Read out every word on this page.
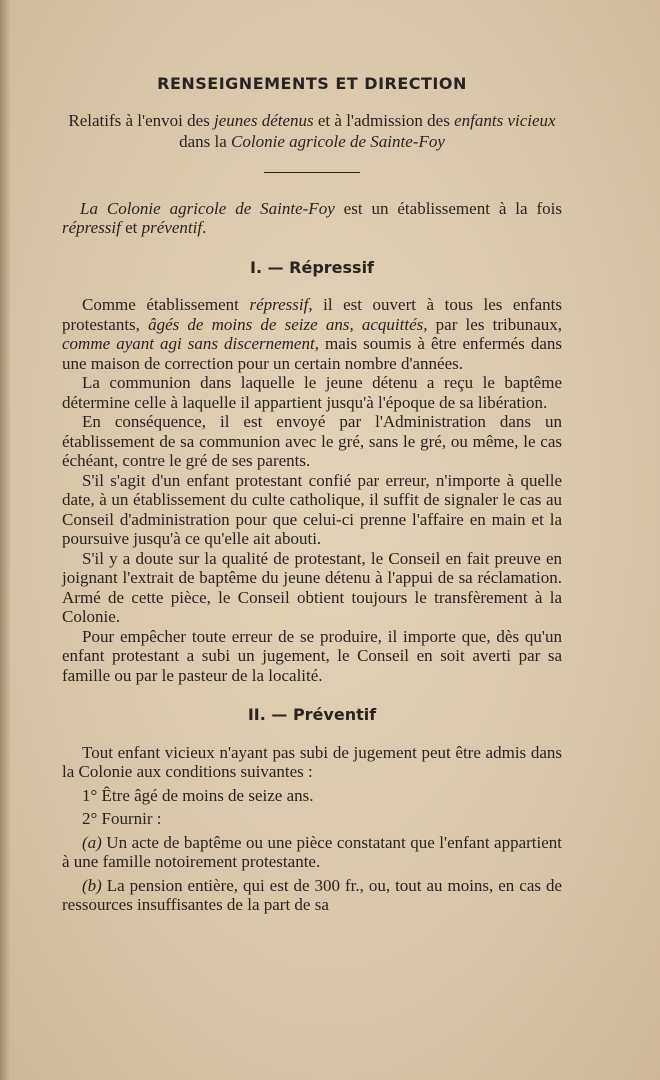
RENSEIGNEMENTS ET DIRECTION
Relatifs à l'envoi des jeunes détenus et à l'admission des enfants vicieux dans la Colonie agricole de Sainte-Foy
La Colonie agricole de Sainte-Foy est un établissement à la fois répressif et préventif.
I. — Répressif

Comme établissement répressif, il est ouvert à tous les enfants protestants, âgés de moins de seize ans, acquittés, par les tribunaux, comme ayant agi sans discernement, mais soumis à être enfermés dans une maison de correction pour un certain nombre d'années.

La communion dans laquelle le jeune détenu a reçu le baptême détermine celle à laquelle il appartient jusqu'à l'époque de sa libération.

En conséquence, il est envoyé par l'Administration dans un établissement de sa communion avec le gré, sans le gré, ou même, le cas échéant, contre le gré de ses parents.

S'il s'agit d'un enfant protestant confié par erreur, n'importe à quelle date, à un établissement du culte catholique, il suffit de signaler le cas au Conseil d'administration pour que celui-ci prenne l'affaire en main et la poursuive jusqu'à ce qu'elle ait abouti.

S'il y a doute sur la qualité de protestant, le Conseil en fait preuve en joignant l'extrait de baptême du jeune détenu à l'appui de sa réclamation. Armé de cette pièce, le Conseil obtient toujours le transfèrement à la Colonie.

Pour empêcher toute erreur de se produire, il importe que, dès qu'un enfant protestant a subi un jugement, le Conseil en soit averti par sa famille ou par le pasteur de la localité.

II. — Préventif

Tout enfant vicieux n'ayant pas subi de jugement peut être admis dans la Colonie aux conditions suivantes :

1° Être âgé de moins de seize ans.

2° Fournir :

(a) Un acte de baptême ou une pièce constatant que l'enfant appartient à une famille notoirement protestante.

(b) La pension entière, qui est de 300 fr., ou, tout au moins, en cas de ressources insuffisantes de la part de sa
